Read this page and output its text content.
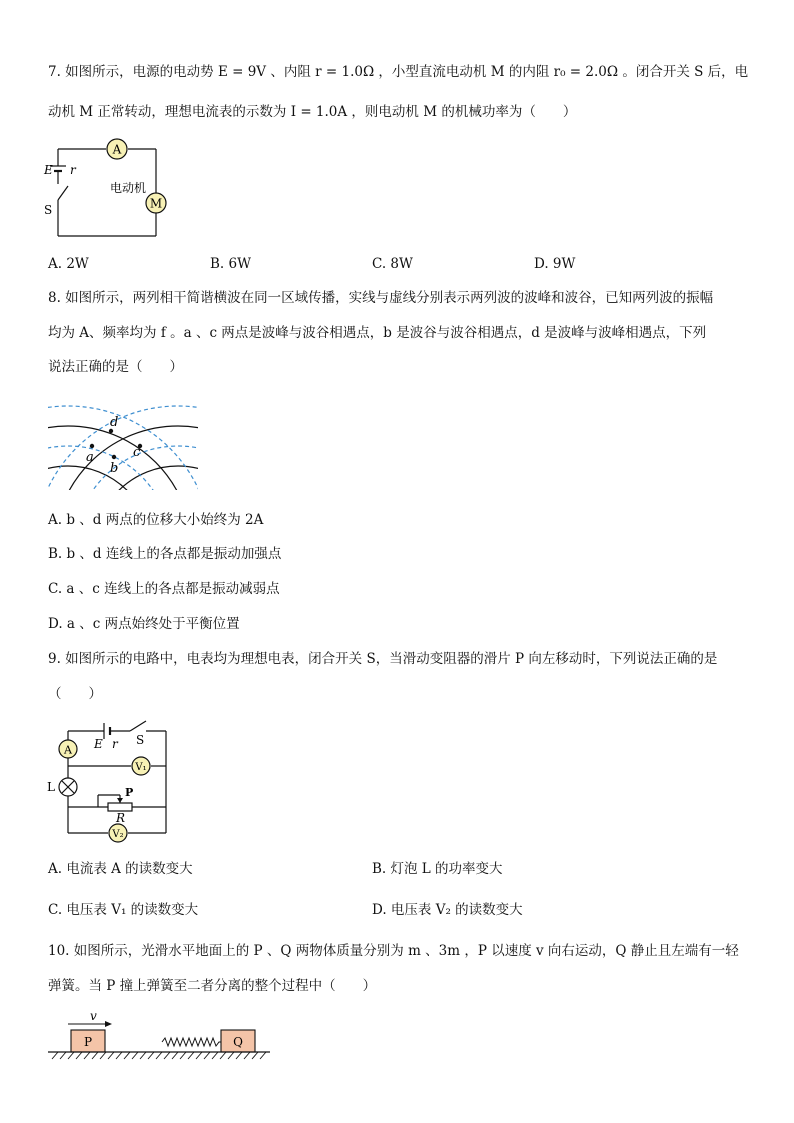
7. 如图所示，电源的电动势 E = 9V 、内阻 r = 1.0Ω ，小型直流电动机 M 的内阻 r₀ = 2.0Ω 。闭合开关 S 后，电
动机 M 正常转动，理想电流表的示数为 I = 1.0A ，则电动机 M 的机械功率为（　　）
A
M
电动机
E r
S
A. 2W	B. 6W	C. 8W	D. 9W
8. 如图所示，两列相干简谐横波在同一区域传播，实线与虚线分别表示两列波的波峰和波谷，已知两列波的振幅
均为 A、频率均为 f 。a 、c 两点是波峰与波谷相遇点，b 是波谷与波谷相遇点，d 是波峰与波峰相遇点，下列
说法正确的是（　　）
a
b
c
d
A. b 、d 两点的位移大小始终为 2A
B. b 、d 连线上的各点都是振动加强点
C. a 、c 连线上的各点都是振动减弱点
D. a 、c 两点始终处于平衡位置
9. 如图所示的电路中，电表均为理想电表，闭合开关 S，当滑动变阻器的滑片 P 向左移动时，下列说法正确的是
（　　）
A
L
V₁
V₂
E r S
P
R
A. 电流表 A 的读数变大	B. 灯泡 L 的功率变大
C. 电压表 V₁ 的读数变大	D. 电压表 V₂ 的读数变大
10. 如图所示，光滑水平地面上的 P 、Q 两物体质量分别为 m 、3m ，P 以速度 v 向右运动，Q 静止且左端有一轻
弹簧。当 P 撞上弹簧至二者分离的整个过程中（　　）
v
P	Q
